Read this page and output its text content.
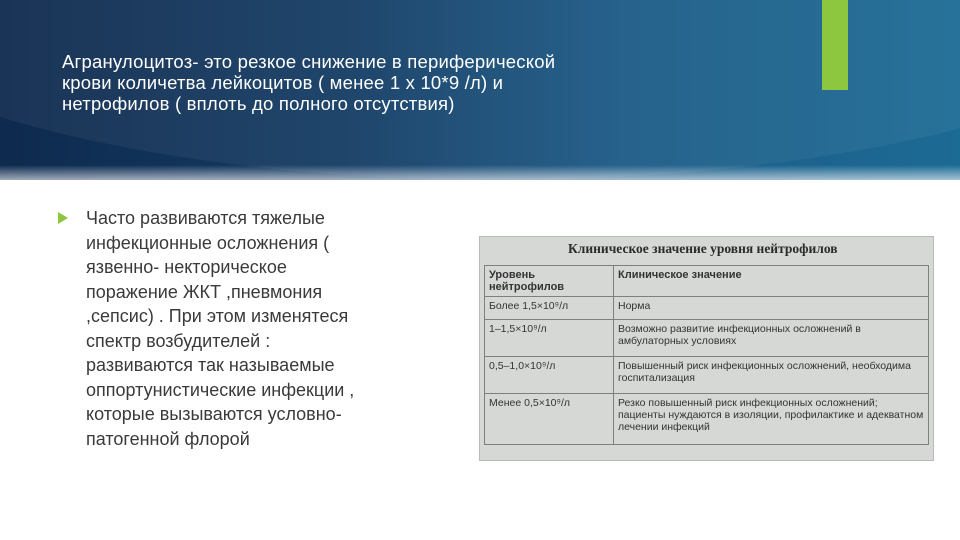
Агранулоцитоз- это резкое снижение в периферической
крови количетва лейкоцитов ( менее 1 х 10*9 /л) и
нетрофилов ( вплоть до полного отсутствия)
Часто развиваются тяжелые
инфекционные осложнения (
язвенно- некторическое
поражение ЖКТ ,пневмония
,сепсис) . При этом изменятеся
спектр возбудителей :
развиваются так называемые
оппортунистические инфекции ,
которые вызываются условно-
патогенной флорой
Клиническое значение уровня нейтрофилов
Уровень нейтрофилов	Клиническое значение
Более 1,5×10⁹/л	Норма
1–1,5×10⁹/л	Возможно развитие инфекционных осложнений в амбулаторных условиях
0,5–1,0×10⁹/л	Повышенный риск инфекционных осложнений, необходима госпитализация
Менее 0,5×10⁹/л	Резко повышенный риск инфекционных осложнений; пациенты нуждаются в изоляции, профилактике и адекватном лечении инфекций
